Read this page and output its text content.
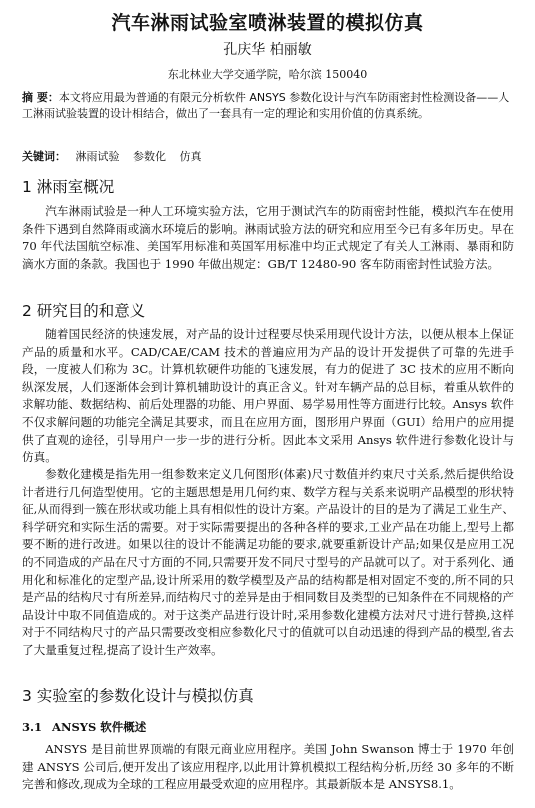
汽车淋雨试验室喷淋装置的模拟仿真
孔庆华 柏丽敏
东北林业大学交通学院，哈尔滨 150040
摘 要：本文将应用最为普通的有限元分析软件 ANSYS 参数化设计与汽车防雨密封性检测设备——人工淋雨试验装置的设计相结合，做出了一套具有一定的理论和实用价值的仿真系统。
关键词： 淋雨试验 参数化 仿真
1 淋雨室概况

汽车淋雨试验是一种人工环境实验方法，它用于测试汽车的防雨密封性能，模拟汽车在使用条件下遇到自然降雨或滴水环境后的影响。淋雨试验方法的研究和应用至今已有多年历史。早在 70 年代法国航空标准、美国军用标准和英国军用标准中均正式规定了有关人工淋雨、暴雨和防滴水方面的条款。我国也于 1990 年做出规定：GB/T 12480-90 客车防雨密封性试验方法。

2 研究目的和意义

随着国民经济的快速发展，对产品的设计过程要尽快采用现代设计方法，以便从根本上保证产品的质量和水平。CAD/CAE/CAM 技术的普遍应用为产品的设计开发提供了可靠的先进手段，一度被人们称为 3C。计算机软硬件功能的飞速发展，有力的促进了 3C 技术的应用不断向纵深发展，人们逐渐体会到计算机辅助设计的真正含义。针对车辆产品的总目标，着重从软件的求解功能、数据结构、前后处理器的功能、用户界面、易学易用性等方面进行比较。Ansys 软件不仅求解问题的功能完全满足其要求，而且在应用方面，图形用户界面（GUI）给用户的应用提供了直观的途径，引导用户一步一步的进行分析。因此本文采用 Ansys 软件进行参数化设计与仿真。

参数化建模是指先用一组参数来定义几何图形(体素)尺寸数值并约束尺寸关系,然后提供给设计者进行几何造型使用。它的主题思想是用几何约束、数学方程与关系来说明产品模型的形状特征,从而得到一簇在形状或功能上具有相似性的设计方案。产品设计的目的是为了满足工业生产、科学研究和实际生活的需要。对于实际需要提出的各种各样的要求,工业产品在功能上,型号上都要不断的进行改进。如果以往的设计不能满足功能的要求,就要重新设计产品;如果仅是应用工况的不同造成的产品在尺寸方面的不同,只需要开发不同尺寸型号的产品就可以了。对于系列化、通用化和标准化的定型产品,设计所采用的数学模型及产品的结构都是相对固定不变的,所不同的只是产品的结构尺寸有所差异,而结构尺寸的差异是由于相同数目及类型的已知条件在不同规格的产品设计中取不同值造成的。对于这类产品进行设计时,采用参数化建模方法对尺寸进行替换,这样对于不同结构尺寸的产品只需要改变相应参数化尺寸的值就可以自动迅速的得到产品的模型,省去了大量重复过程,提高了设计生产效率。

3 实验室的参数化设计与模拟仿真
3.1 ANSYS 软件概述

ANSYS 是目前世界顶端的有限元商业应用程序。美国 John Swanson 博士于 1970 年创建 ANSYS 公司后,便开发出了该应用程序,以此用计算机模拟工程结构分析,历经 30 多年的不断完善和修改,现成为全球的工程应用最受欢迎的应用程序。其最新版本是 ANSYS8.1。
